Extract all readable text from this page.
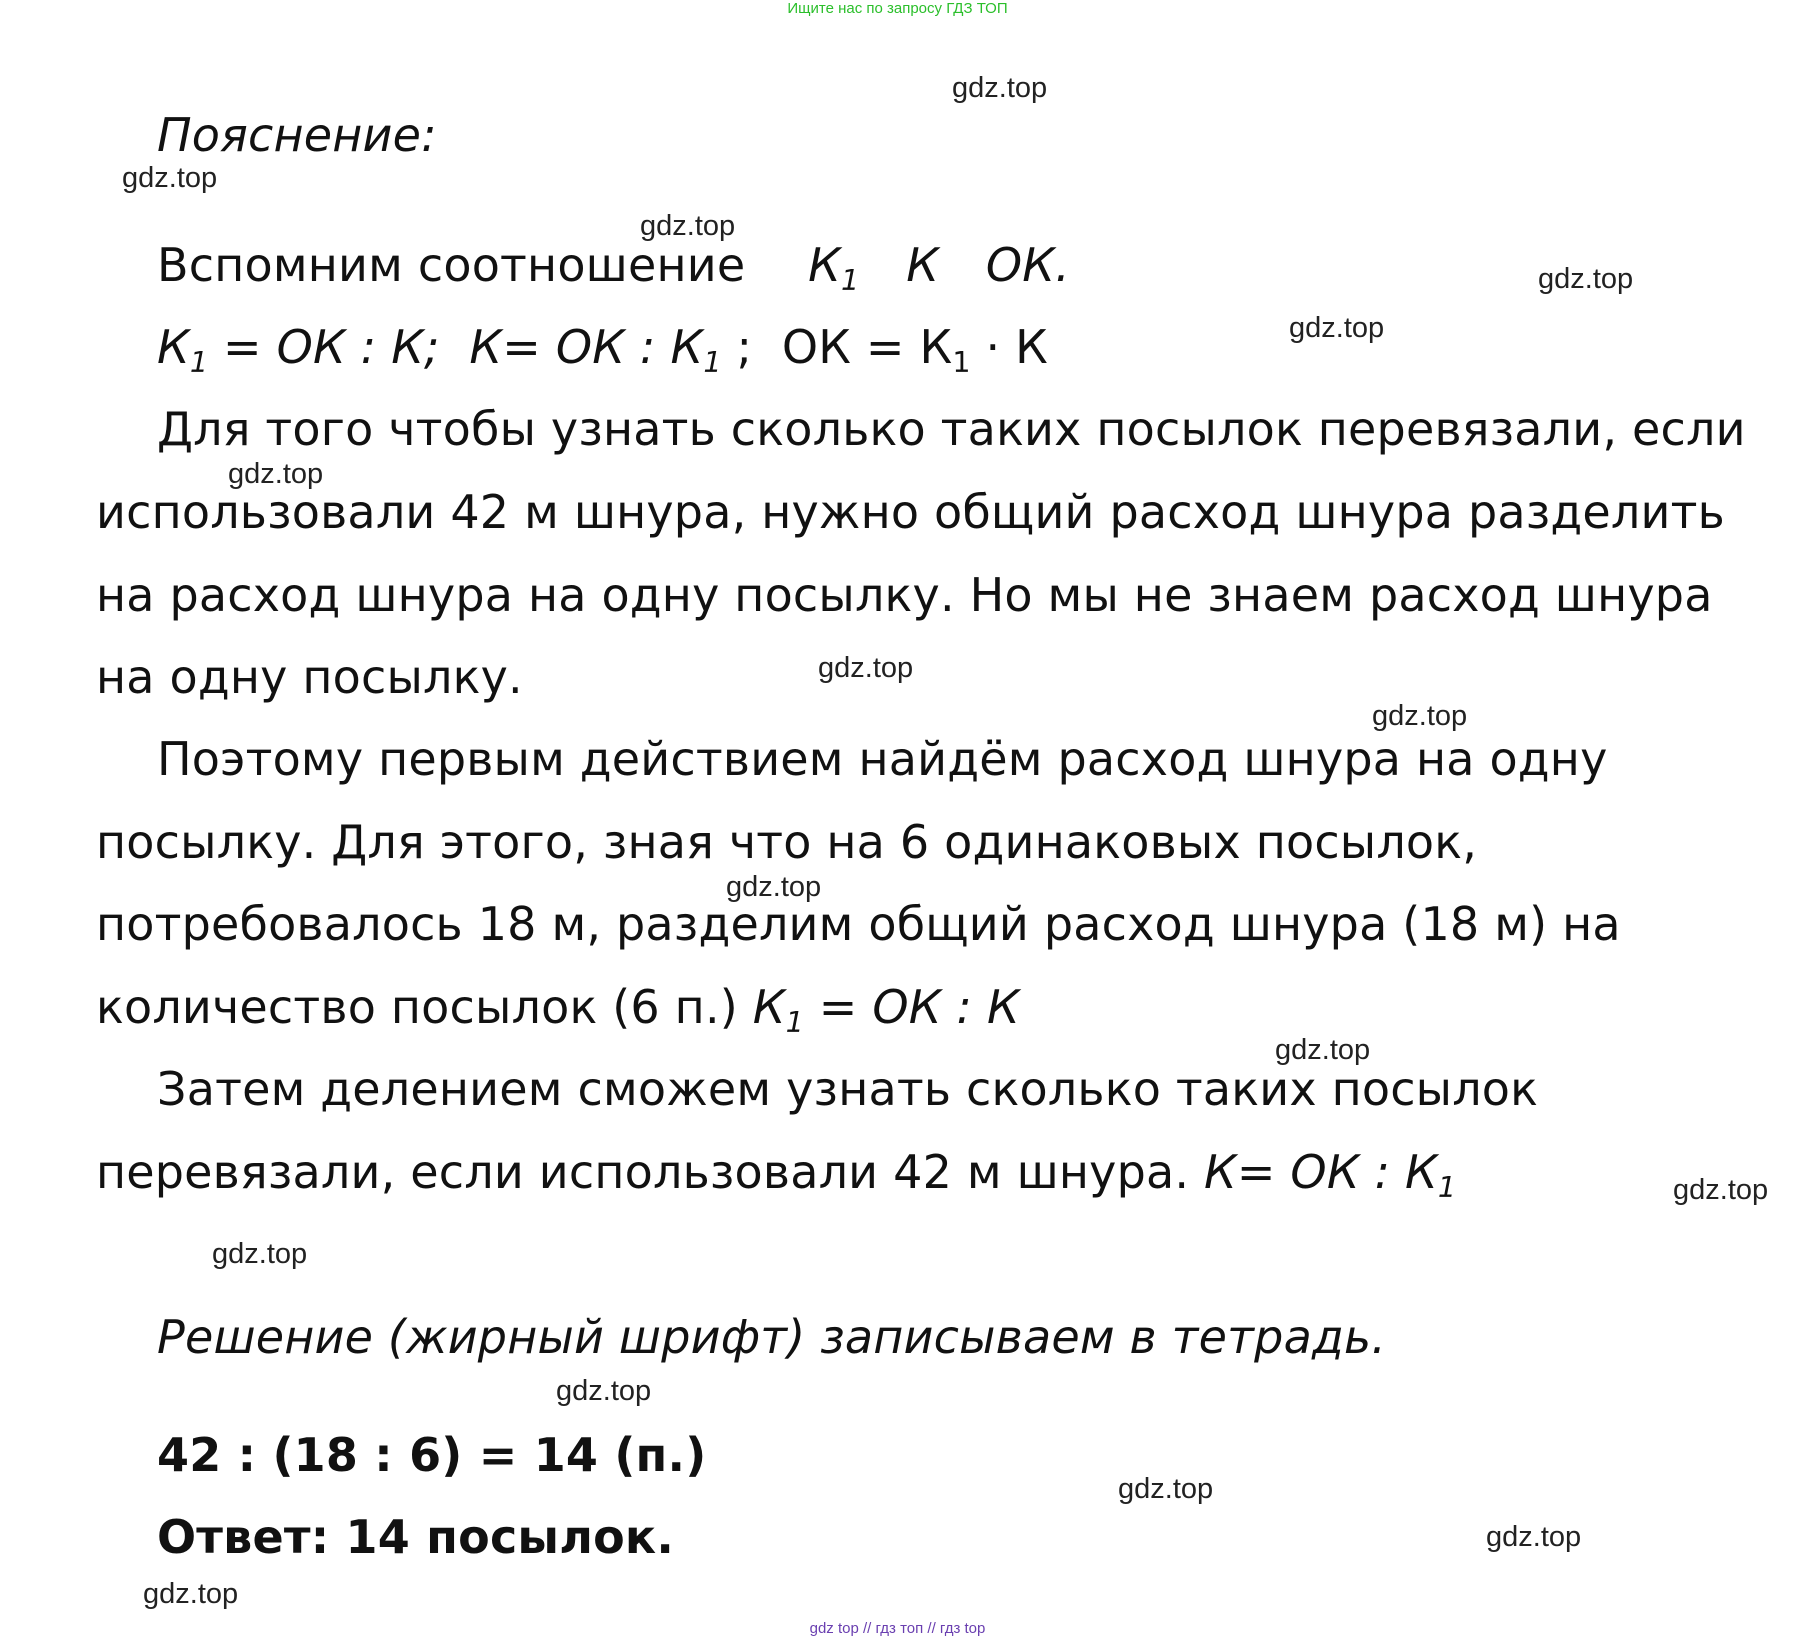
Ищите нас по запросу ГДЗ ТОП
gdz.top
gdz.top
gdz.top
gdz.top
gdz.top
gdz.top
gdz.top
gdz.top
gdz.top
gdz.top
gdz.top
gdz.top
gdz.top
gdz.top
gdz.top
gdz.top
Пояснение:
Вспомним соотношение $К_1$ К ОК.
$К_1$ = ОК : К; К= ОК : $К_1$ ; ОК = $К_1 \cdot К$
Для того чтобы узнать сколько таких посылок перевязали, если
использовали 42 м шнура, нужно общий расход шнура разделить
на расход шнура на одну посылку. Но мы не знаем расход шнура
на одну посылку.
Поэтому первым действием найдём расход шнура на одну
посылку. Для этого, зная что на 6 одинаковых посылок,
потребовалось 18 м, разделим общий расход шнура (18 м) на
количество посылок (6 п.) $К_1$ = ОК : К
Затем делением сможем узнать сколько таких посылок
перевязали, если использовали 42 м шнура. К= ОК : $К_1$
Решение (жирный шрифт) записываем в тетрадь.
42 : (18 : 6) = 14 (п.)
Ответ: 14 посылок.
gdz top // гдз топ // гдз top
